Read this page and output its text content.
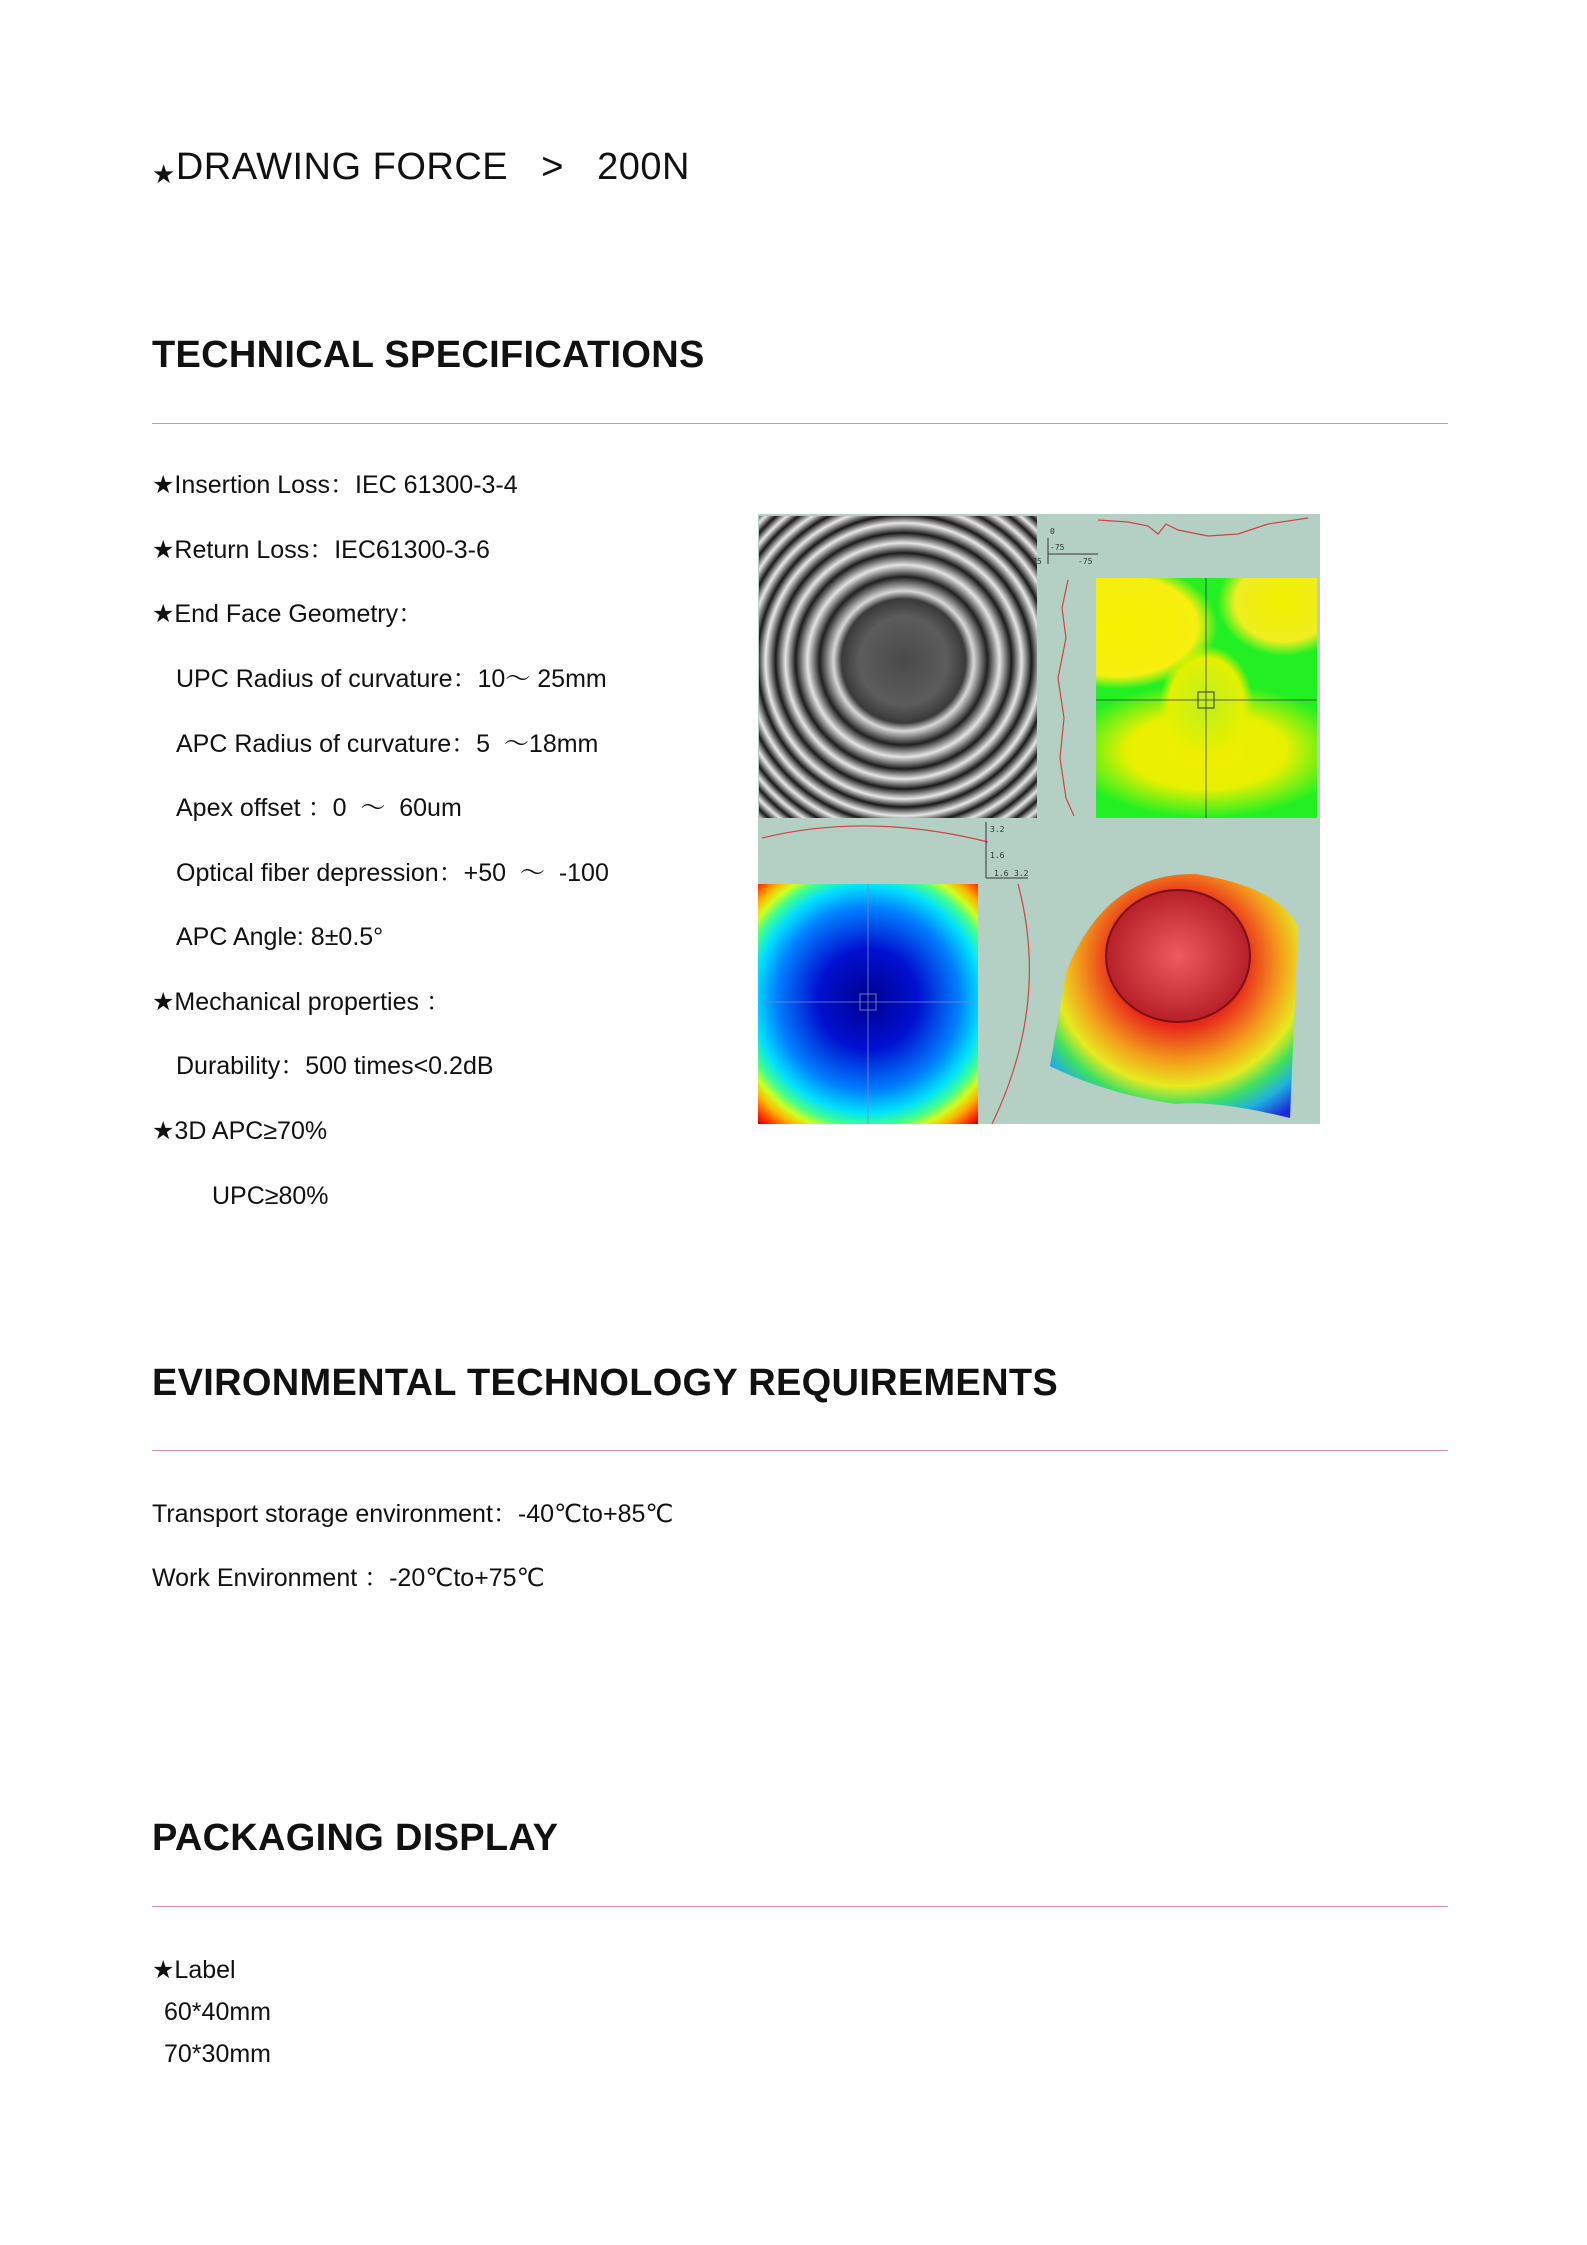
★DRAWING FORCE   >   200N
TECHNICAL SPECIFICATIONS
★Insertion Loss：IEC 61300-3-4
★Return Loss：IEC61300-3-6
★End Face Geometry：
UPC Radius of curvature：10～ 25mm
APC Radius of curvature：5  ～18mm
Apex offset ：0  ～  60um
Optical fiber depression：+50  ～  -100
APC Angle: 8±0.5°
★Mechanical properties ：
Durability：500 times<0.2dB
★3D APC≥70%
UPC≥80%
0
-75
75	-75
3.2
1.6
1.6 3.2
EVIRONMENTAL TECHNOLOGY REQUIREMENTS
Transport storage environment：-40℃to+85℃
Work Environment ：-20℃to+75℃
PACKAGING DISPLAY
★Label
60*40mm
70*30mm
